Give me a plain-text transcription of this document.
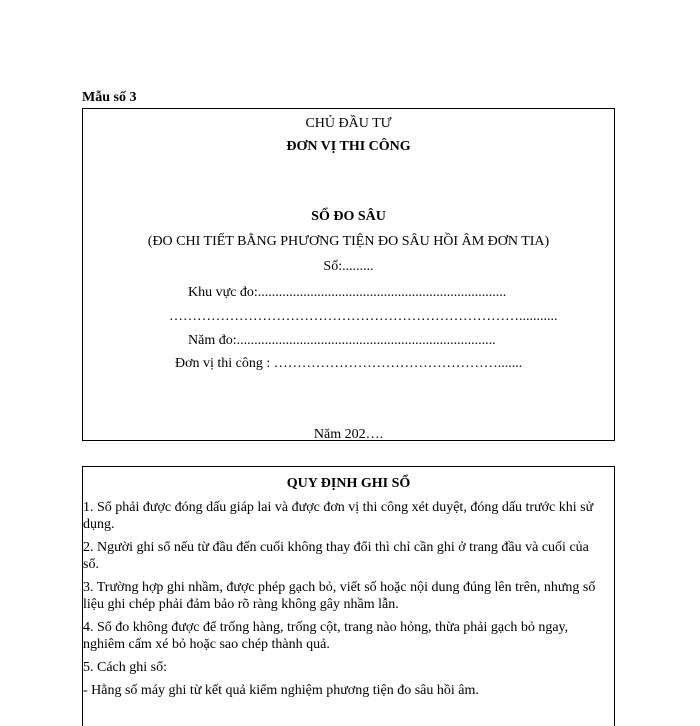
Mẫu số 3
CHỦ ĐẦU TƯ
ĐƠN VỊ THI CÔNG
SỔ ĐO SÂU
(ĐO CHI TIẾT BẰNG PHƯƠNG TIỆN ĐO SÂU HỒI ÂM ĐƠN TIA)
Số:.........
Khu vực đo:.......................................................................
…………………………………………………………………...........
Năm đo:..........................................................................
Đơn vị thi công : ………………………………………….......
Năm 202….
QUY ĐỊNH GHI SỔ
1. Sổ phải được đóng dấu giáp lai và được đơn vị thi công xét duyệt, đóng dấu trước khi sử dụng.
2. Người ghi sổ nếu từ đầu đến cuối không thay đổi thì chỉ cần ghi ở trang đầu và cuối của sổ.
3. Trường hợp ghi nhầm, được phép gạch bỏ, viết số hoặc nội dung đúng lên trên, nhưng số liệu ghi chép phải đảm bảo rõ ràng không gây nhầm lẫn.
4. Sổ đo không được để trống hàng, trống cột, trang nào hỏng, thừa phải gạch bỏ ngay, nghiêm cấm xé bỏ hoặc sao chép thành quả.
5. Cách ghi sổ:
- Hằng số máy ghi từ kết quả kiểm nghiệm phương tiện đo sâu hồi âm.
